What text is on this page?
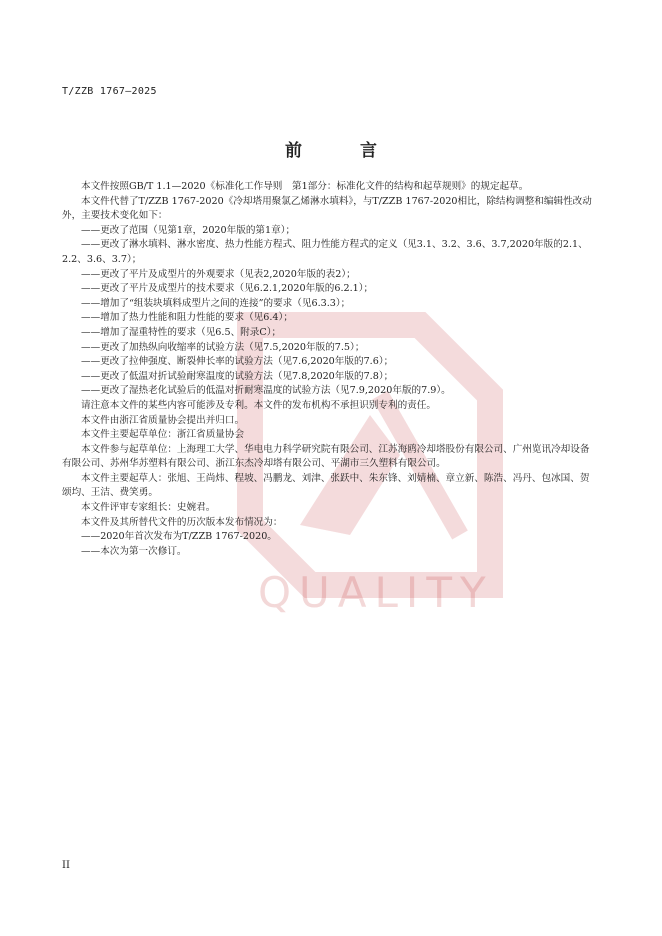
T/ZZB 1767—2025
前 言
QUALITY

本文件按照GB/T 1.1—2020《标准化工作导则　第1部分：标准化文件的结构和起草规则》的规定起草。

本文件代替了T/ZZB 1767-2020《冷却塔用聚氯乙烯淋水填料》，与T/ZZB 1767-2020相比，除结构调整和编辑性改动外，主要技术变化如下：

——更改了范围（见第1章，2020年版的第1章）；

——更改了淋水填料、淋水密度、热力性能方程式、阻力性能方程式的定义（见3.1、3.2、3.6、3.7,2020年版的2.1、2.2、3.6、3.7）；

——更改了平片及成型片的外观要求（见表2,2020年版的表2）；

——更改了平片及成型片的技术要求（见6.2.1,2020年版的6.2.1）；

——增加了“组装块填料成型片之间的连接”的要求（见6.3.3）；

——增加了热力性能和阻力性能的要求（见6.4）；

——增加了湿重特性的要求（见6.5、附录C）；

——更改了加热纵向收缩率的试验方法（见7.5,2020年版的7.5）；

——更改了拉伸强度、断裂伸长率的试验方法（见7.6,2020年版的7.6）；

——更改了低温对折试验耐寒温度的试验方法（见7.8,2020年版的7.8）；

——更改了湿热老化试验后的低温对折耐寒温度的试验方法（见7.9,2020年版的7.9）。

请注意本文件的某些内容可能涉及专利。本文件的发布机构不承担识别专利的责任。

本文件由浙江省质量协会提出并归口。

本文件主要起草单位：浙江省质量协会

本文件参与起草单位：上海理工大学、华电电力科学研究院有限公司、江苏海鸥冷却塔股份有限公司、广州览讯冷却设备有限公司、苏州华苏塑料有限公司、浙江东杰冷却塔有限公司、平湖市三久塑料有限公司。

本文件主要起草人：张旭、王尚炜、程坡、冯鹏龙、刘津、张跃中、朱东锋、刘婧楠、章立新、陈浩、冯丹、包冰国、贺颂均、王洁、费笑勇。

本文件评审专家组长：史婉君。

本文件及其所替代文件的历次版本发布情况为：

——2020年首次发布为T/ZZB 1767-2020。

——本次为第一次修订。

II
